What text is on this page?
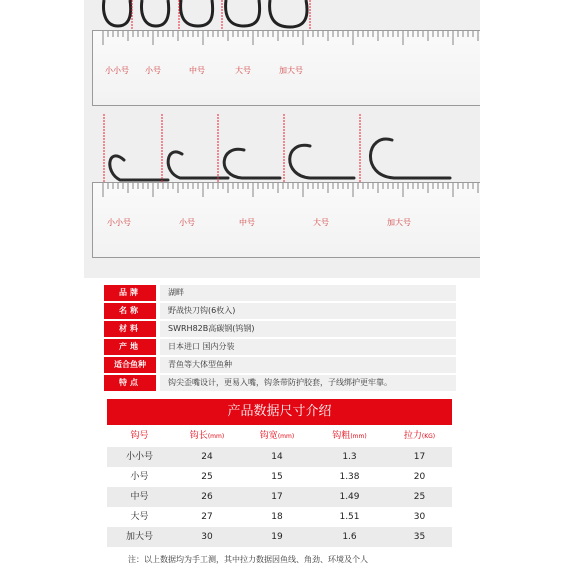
小小号 小号	中号	大号	加大号
小小号	小号	中号	大号	加大号
品牌	湖畔
名称	野战快刀钩(6枚入)
材料	SWRH82B高碳钢(钨钢)
产地	日本进口 国内分装
适合鱼种	青鱼等大体型鱼种
特点	钩尖歪嘴设计，更易入嘴，钩条带防护胶套，子线绑护更牢靠。
产品数据尺寸介绍
钩号	钩长(mm)	钩宽(mm)	钩粗(mm)	拉力(KG)
小小号	24	14	1.3	17
小号	25	15	1.38	20
中号	26	17	1.49	25
大号	27	18	1.51	30
加大号	30	19	1.6	35
注：以上数据均为手工测，其中拉力数据因鱼线、角劲、环境及个人
